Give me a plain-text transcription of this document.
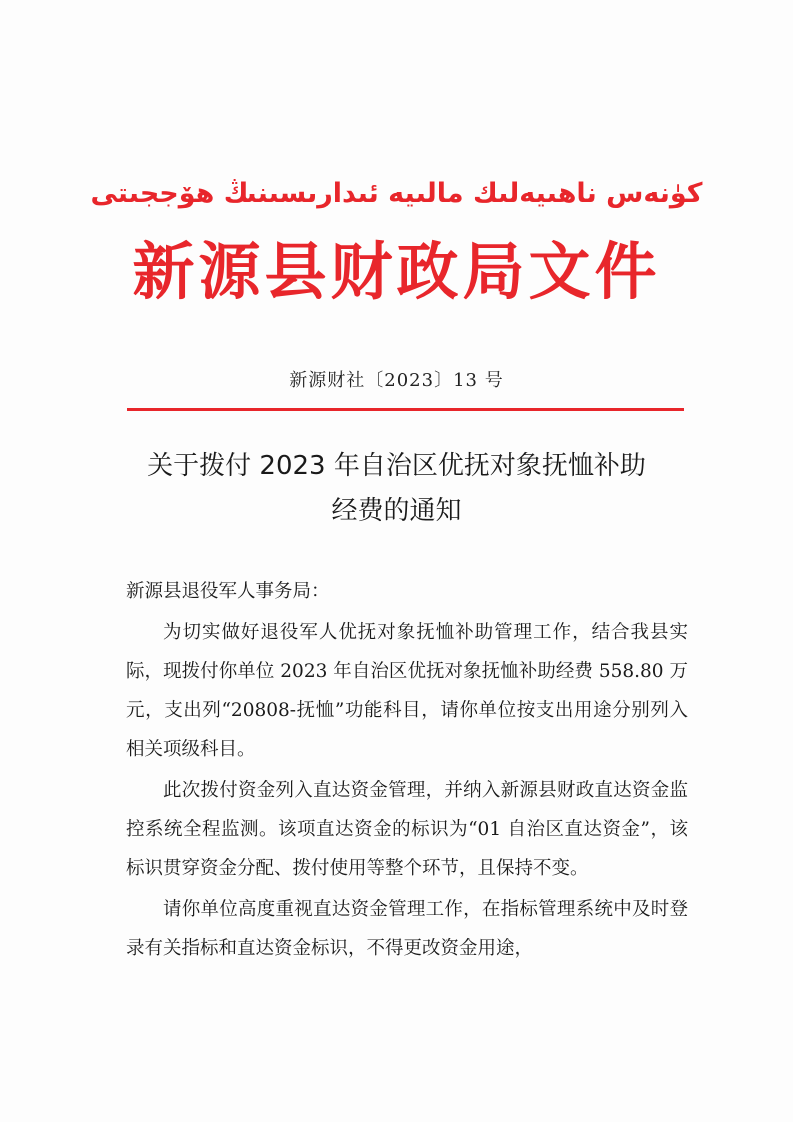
كۈنەس ناھىيەلىك مالىيە ئىدارىسىنىڭ ھۆججىتى
新源县财政局文件
新源财社〔2023〕13 号
关于拨付 2023 年自治区优抚对象抚恤补助
经费的通知

新源县退役军人事务局：

为切实做好退役军人优抚对象抚恤补助管理工作，结合我县实际，现拨付你单位 2023 年自治区优抚对象抚恤补助经费 558.80 万元，支出列“20808-抚恤”功能科目，请你单位按支出用途分别列入相关项级科目。

此次拨付资金列入直达资金管理，并纳入新源县财政直达资金监控系统全程监测。该项直达资金的标识为“01 自治区直达资金”，该标识贯穿资金分配、拨付使用等整个环节，且保持不变。

请你单位高度重视直达资金管理工作，在指标管理系统中及时登录有关指标和直达资金标识，不得更改资金用途，
